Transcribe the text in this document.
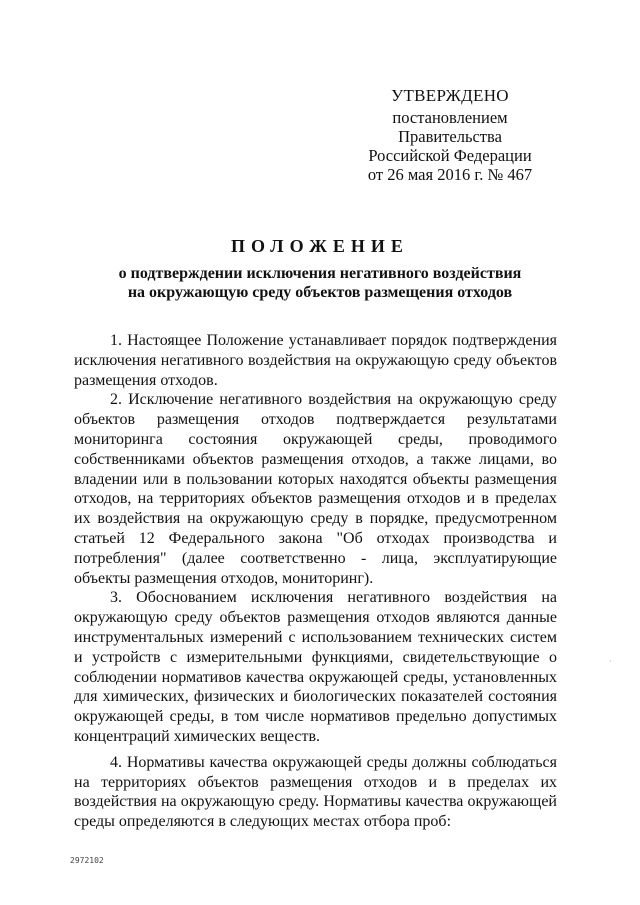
УТВЕРЖДЕНО
постановлением Правительства
Российской Федерации
от 26 мая 2016 г. № 467
ПОЛОЖЕНИЕ
о подтверждении исключения негативного воздействия
на окружающую среду объектов размещения отходов

1. Настоящее Положение устанавливает порядок подтверждения исключения негативного воздействия на окружающую среду объектов размещения отходов.

2. Исключение негативного воздействия на окружающую среду объектов размещения отходов подтверждается результатами мониторинга состояния окружающей среды, проводимого собственниками объектов размещения отходов, а также лицами, во владении или в пользовании которых находятся объекты размещения отходов, на территориях объектов размещения отходов и в пределах их воздействия на окружающую среду в порядке, предусмотренном статьей 12 Федерального закона "Об отходах производства и потребления" (далее соответственно - лица, эксплуатирующие объекты размещения отходов, мониторинг).

3. Обоснованием исключения негативного воздействия на окружающую среду объектов размещения отходов являются данные инструментальных измерений с использованием технических систем и устройств с измерительными функциями, свидетельствующие о соблюдении нормативов качества окружающей среды, установленных для химических, физических и биологических показателей состояния окружающей среды, в том числе нормативов предельно допустимых концентраций химических веществ.

4. Нормативы качества окружающей среды должны соблюдаться на территориях объектов размещения отходов и в пределах их воздействия на окружающую среду. Нормативы качества окружающей среды определяются в следующих местах отбора проб:

2972102
·
